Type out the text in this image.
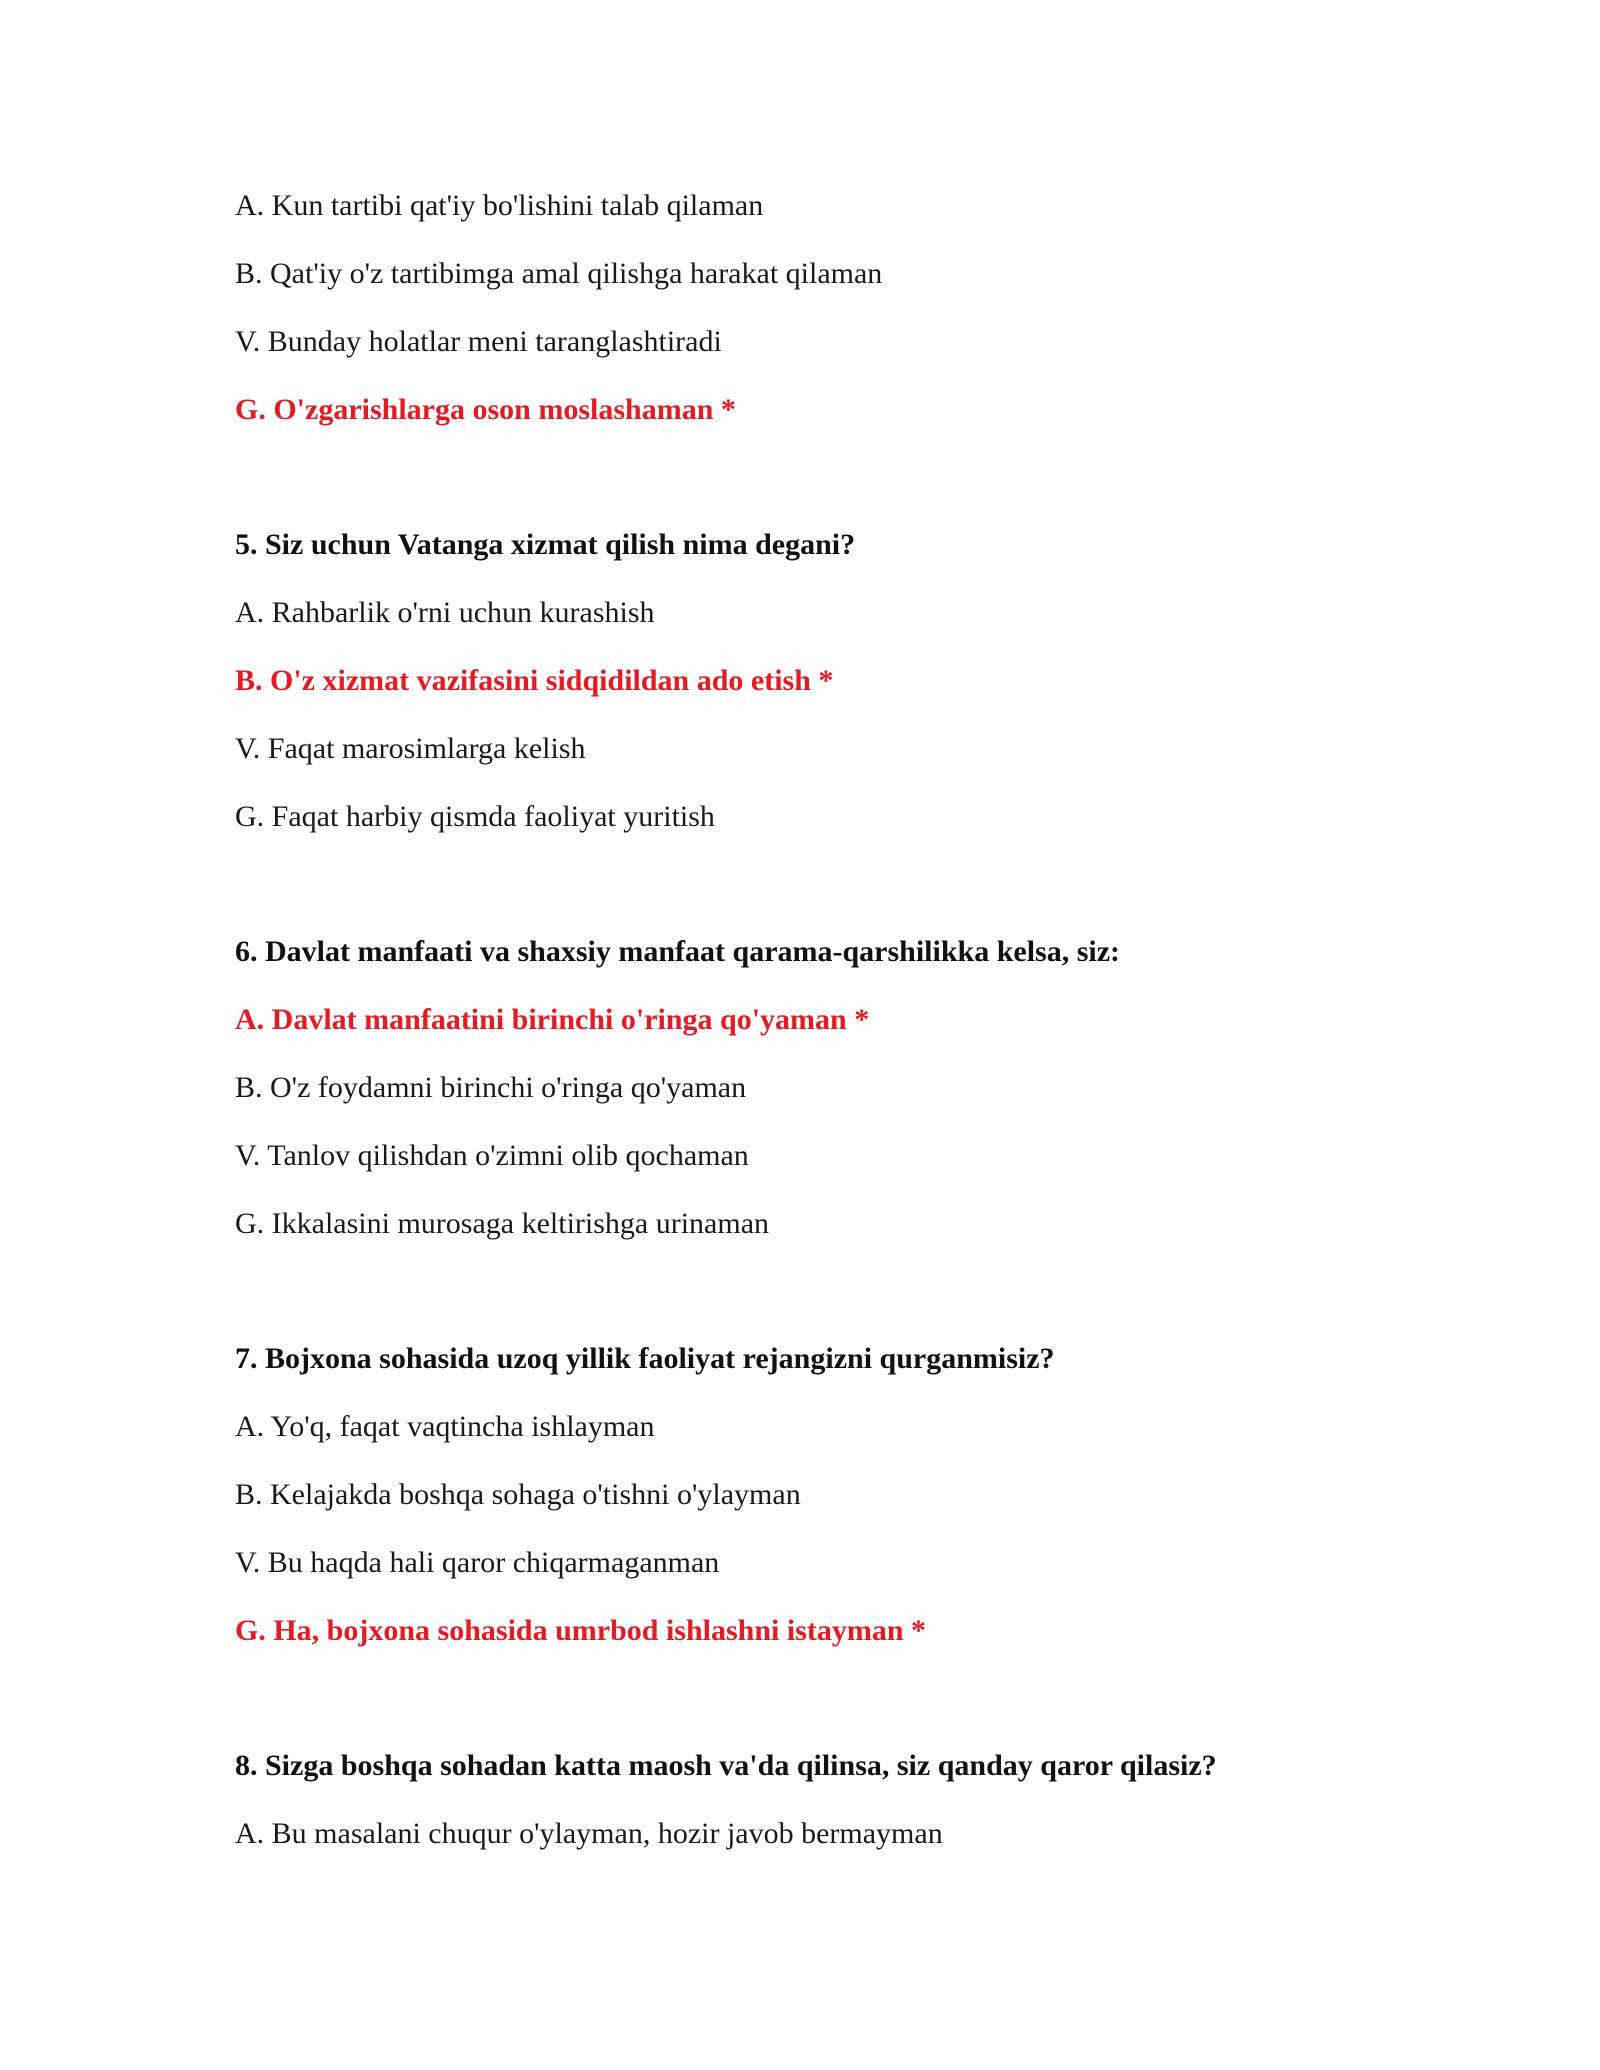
A. Kun tartibi qat'iy bo'lishini talab qilaman
B. Qat'iy o'z tartibimga amal qilishga harakat qilaman
V. Bunday holatlar meni taranglashtiradi
G. O'zgarishlarga oson moslashaman *
5. Siz uchun Vatanga xizmat qilish nima degani?
A. Rahbarlik o'rni uchun kurashish
B. O'z xizmat vazifasini sidqidildan ado etish *
V. Faqat marosimlarga kelish
G. Faqat harbiy qismda faoliyat yuritish
6. Davlat manfaati va shaxsiy manfaat qarama-qarshilikka kelsa, siz:
A. Davlat manfaatini birinchi o'ringa qo'yaman *
B. O'z foydamni birinchi o'ringa qo'yaman
V. Tanlov qilishdan o'zimni olib qochaman
G. Ikkalasini murosaga keltirishga urinaman
7. Bojxona sohasida uzoq yillik faoliyat rejangizni qurganmisiz?
A. Yo'q, faqat vaqtincha ishlayman
B. Kelajakda boshqa sohaga o'tishni o'ylayman
V. Bu haqda hali qaror chiqarmaganman
G. Ha, bojxona sohasida umrbod ishlashni istayman *
8. Sizga boshqa sohadan katta maosh va'da qilinsa, siz qanday qaror qilasiz?
A. Bu masalani chuqur o'ylayman, hozir javob bermayman
